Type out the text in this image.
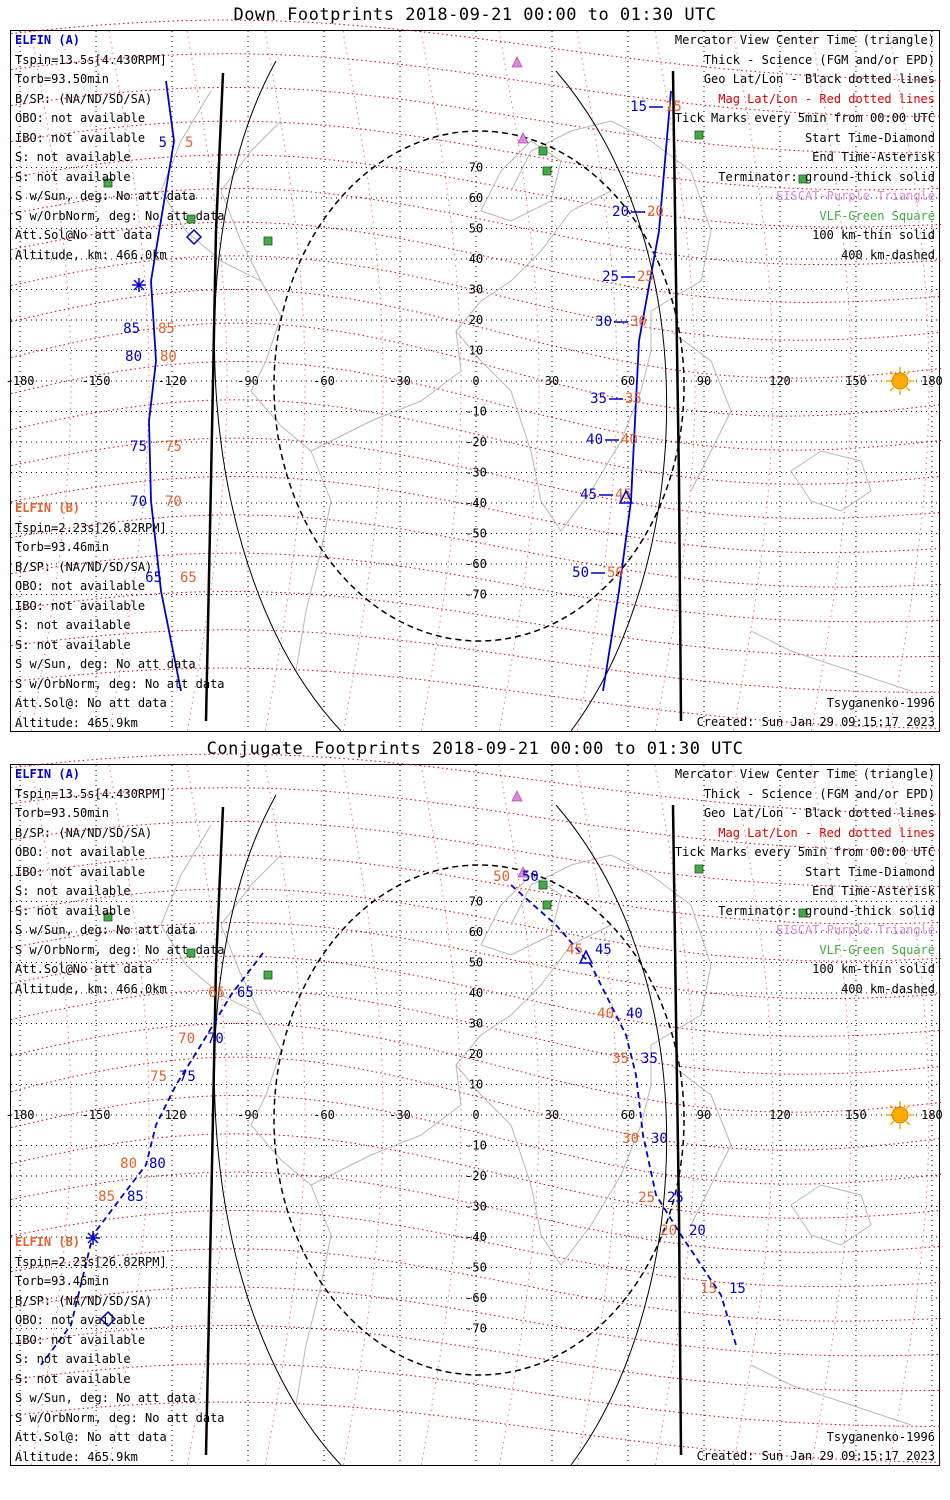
Down Footprints 2018-09-21 00:00 to 01:30 UTC
-180	-150	-120	-90	-60	-30	0	30	60	90	120	150	180
70
60
50
40
30
20
10
-10
-20
-30
-40
-50
-60
-70
15 15
20 20
25 25
30 30
35 35
40 40
45 45
50 50
5 5
85 85
80 80
75 75
70 70
65 65
ELFIN (A)
Tspin=13.5s[4.430RPM]
Torb=93.50min
B/SP: (NA/ND/SD/SA)
OBO: not available
IBO: not available
S: not available
S: not available
S w/Sun, deg: No att data
S w/OrbNorm, deg: No att data
Att.Sol@No att data
Altitude, km: 466.0km
ELFIN (B)
Tspin=2.23s[26.82RPM]
Torb=93.46min
B/SP: (NA/ND/SD/SA)
OBO: not available
IBO: not available
S: not available
S: not available
S w/Sun, deg: No att data
S w/OrbNorm, deg: No att data
Att.Sol@: No att data
Altitude: 465.9km
Mercator View Center Time (triangle)
Thick - Science (FGM and/or EPD)
Geo Lat/Lon - Black dotted lines
Mag Lat/Lon - Red dotted lines
Tick Marks every 5min from 00:00 UTC
Start Time-Diamond
End Time-Asterisk
Terminator: ground-thick solid
EISCAT-Purple Triangle
VLF-Green Square
100 km-thin solid
400 km-dashed
Tsyganenko-1996
Created: Sun Jan 29 09:15:17 2023
Conjugate Footprints 2018-09-21 00:00 to 01:30 UTC
-180	-150	-120	-90	-60	-30	0	30	60	90	120	150	180
70
60
50
40
30
20
10
-10
-20
-30
-40
-50
-60
-70
50 50
45 45
40 40
35 35
30 30
25 25
20 20
15 15
65 65
70 70
75 75
80 80
85 85
ELFIN (A)
Tspin=13.5s[4.430RPM]
Torb=93.50min
B/SP: (NA/ND/SD/SA)
OBO: not available
IBO: not available
S: not available
S: not available
S w/Sun, deg: No att data
S w/OrbNorm, deg: No att data
Att.Sol@No att data
Altitude, km: 466.0km
ELFIN (B)
Tspin=2.23s[26.82RPM]
Torb=93.46min
B/SP: (NA/ND/SD/SA)
OBO: not available
IBO: not available
S: not available
S: not available
S w/Sun, deg: No att data
S w/OrbNorm, deg: No att data
Att.Sol@: No att data
Altitude: 465.9km
Mercator View Center Time (triangle)
Thick - Science (FGM and/or EPD)
Geo Lat/Lon - Black dotted lines
Mag Lat/Lon - Red dotted lines
Tick Marks every 5min from 00:00 UTC
Start Time-Diamond
End Time-Asterisk
Terminator: ground-thick solid
EISCAT-Purple Triangle
VLF-Green Square
100 km-thin solid
400 km-dashed
Tsyganenko-1996
Created: Sun Jan 29 09:15:17 2023
